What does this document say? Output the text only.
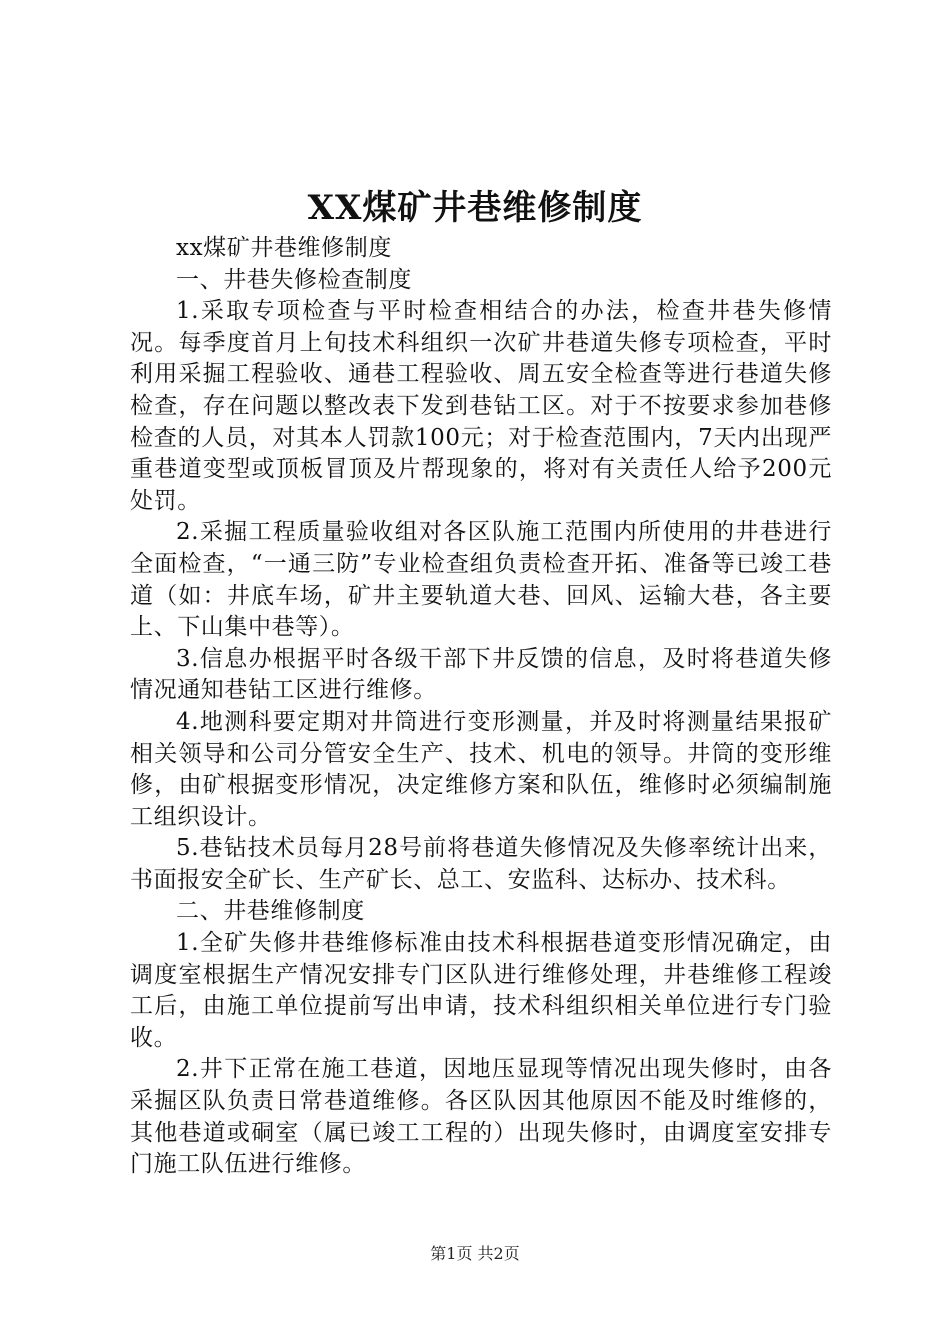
XX煤矿井巷维修制度

xx煤矿井巷维修制度

一、井巷失修检查制度

1.采取专项检查与平时检查相结合的办法，检查井巷失修情况。每季度首月上旬技术科组织一次矿井巷道失修专项检查，平时利用采掘工程验收、通巷工程验收、周五安全检查等进行巷道失修检查，存在问题以整改表下发到巷钻工区。对于不按要求参加巷修检查的人员，对其本人罚款100元；对于检查范围内，7天内出现严重巷道变型或顶板冒顶及片帮现象的，将对有关责任人给予200元处罚。

2.采掘工程质量验收组对各区队施工范围内所使用的井巷进行全面检查，“一通三防”专业检查组负责检查开拓、准备等已竣工巷道（如：井底车场，矿井主要轨道大巷、回风、运输大巷，各主要上、下山集中巷等）。

3.信息办根据平时各级干部下井反馈的信息，及时将巷道失修情况通知巷钻工区进行维修。

4.地测科要定期对井筒进行变形测量，并及时将测量结果报矿相关领导和公司分管安全生产、技术、机电的领导。井筒的变形维修，由矿根据变形情况，决定维修方案和队伍，维修时必须编制施工组织设计。

5.巷钻技术员每月28号前将巷道失修情况及失修率统计出来，书面报安全矿长、生产矿长、总工、安监科、达标办、技术科。

二、井巷维修制度

1.全矿失修井巷维修标准由技术科根据巷道变形情况确定，由调度室根据生产情况安排专门区队进行维修处理，井巷维修工程竣工后，由施工单位提前写出申请，技术科组织相关单位进行专门验收。

2.井下正常在施工巷道，因地压显现等情况出现失修时，由各采掘区队负责日常巷道维修。各区队因其他原因不能及时维修的，其他巷道或硐室（属已竣工工程的）出现失修时，由调度室安排专门施工队伍进行维修。

第1页 共2页
